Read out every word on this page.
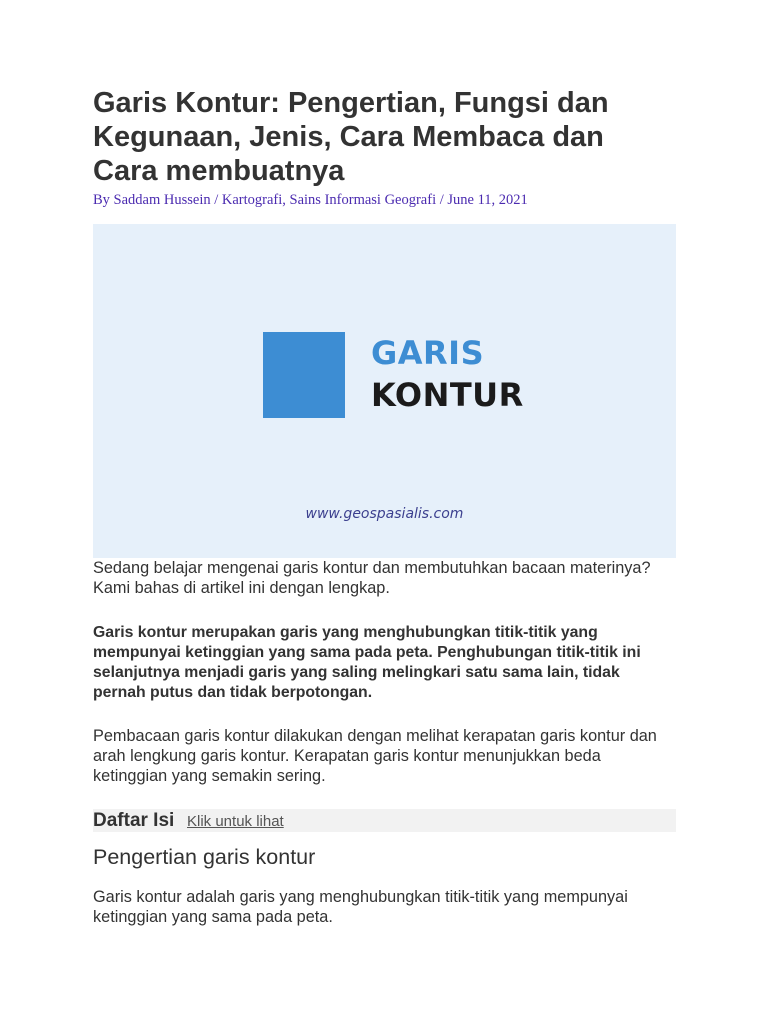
Garis Kontur: Pengertian, Fungsi dan Kegunaan, Jenis, Cara Membaca dan Cara membuatnya
By Saddam Hussein / Kartografi, Sains Informasi Geografi / June 11, 2021
GARIS
KONTUR
www.geospasialis.com

Sedang belajar mengenai garis kontur dan membutuhkan bacaan materinya? Kami bahas di artikel ini dengan lengkap.

Garis kontur merupakan garis yang menghubungkan titik-titik yang mempunyai ketinggian yang sama pada peta. Penghubungan titik-titik ini selanjutnya menjadi garis yang saling melingkari satu sama lain, tidak pernah putus dan tidak berpotongan.

Pembacaan garis kontur dilakukan dengan melihat kerapatan garis kontur dan arah lengkung garis kontur. Kerapatan garis kontur menunjukkan beda ketinggian yang semakin sering.

Daftar Isi Klik untuk lihat
Pengertian garis kontur

Garis kontur adalah garis yang menghubungkan titik-titik yang mempunyai ketinggian yang sama pada peta.
